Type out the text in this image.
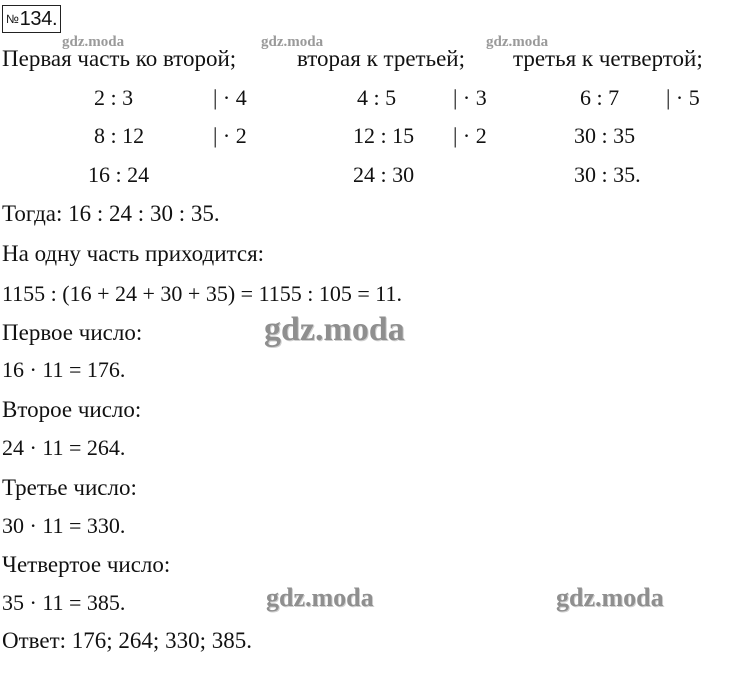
№134.
gdz.moda	gdz.moda	gdz.moda
Первая часть ко второй;	вторая к третьей; третья к четвертой;
2 : 3	| · 4	4 : 5	| · 3	6 : 7 | · 5
8 : 12	| · 2	12 : 15 | · 2	30 : 35
16 : 24	24 : 30	30 : 35.
Тогда: 16 : 24 : 30 : 35.
На одну часть приходится:
1155 : (16 + 24 + 30 + 35) = 1155 : 105 = 11.
Первое число:
16 · 11 = 176.
Второе число:
24 · 11 = 264.
Третье число:
30 · 11 = 330.
Четвертое число:
35 · 11 = 385.
Ответ: 176; 264; 330; 385.
gdz.moda
gdz.moda	gdz.moda
